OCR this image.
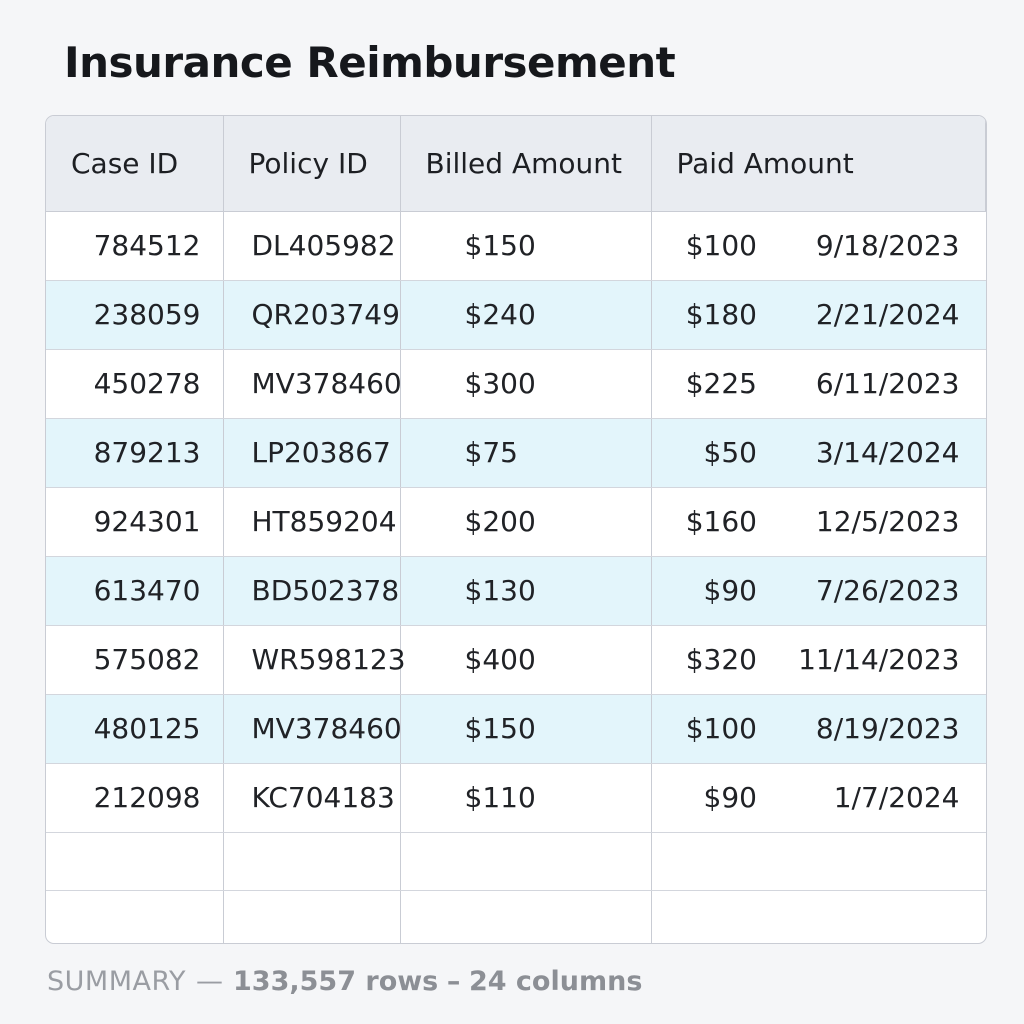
Insurance Reimbursement
Case ID	Policy ID	Billed Amount	Paid Amount	
784512	DL405982	$150	$100	9/18/2023
238059	QR203749	$240	$180	2/21/2024
450278	MV378460	$300	$225	6/11/2023
879213	LP203867	$75	$50	3/14/2024
924301	HT859204	$200	$160	12/5/2023
613470	BD502378	$130	$90	7/26/2023
575082	WR598123	$400	$320	11/14/2023
480125	MV378460	$150	$100	8/19/2023
212098	KC704183	$110	$90	1/7/2024

SUMMARY — 133,557 rows – 24 columns
